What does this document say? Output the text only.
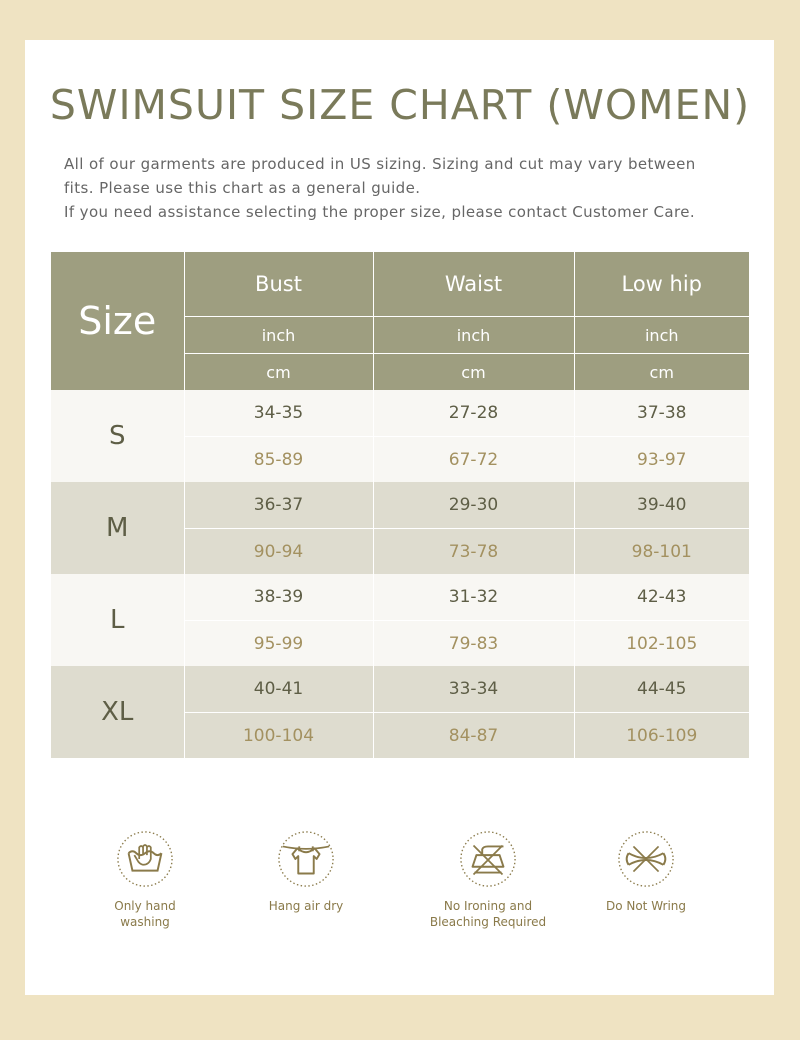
SWIMSUIT SIZE CHART (WOMEN)

All of our garments are produced in US sizing. Sizing and cut may vary between

fits. Please use this chart as a general guide.

If you need assistance selecting the proper size, please contact Customer Care.

Size	Bust	Waist	Low hip
	inch	inch	inch
	cm	cm	cm
S	34-35	27-28	37-38
	85-89	67-72	93-97
M	36-37	29-30	39-40
	90-94	73-78	98-101
L	38-39	31-32	42-43
	95-99	79-83	102-105
XL	40-41	33-34	44-45
	100-104	84-87	106-109
Only hand
washing
Hang air dry	No Ironing and
Bleaching Required
Do Not Wring
